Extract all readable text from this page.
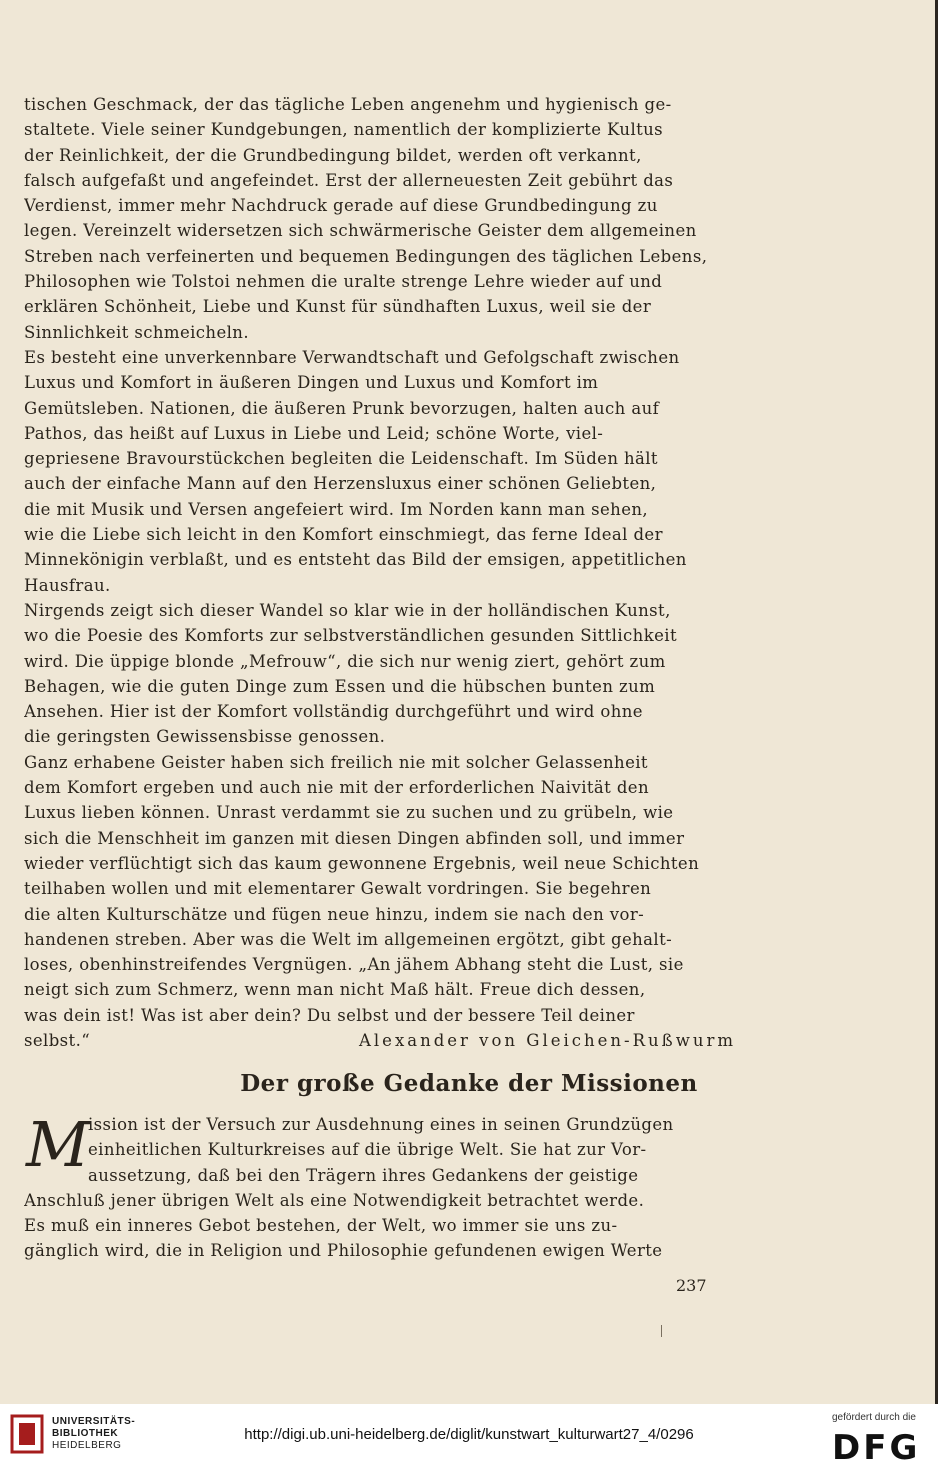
tischen Geschmack, der das tägliche Leben angenehm und hygienisch ge-
staltete. Viele seiner Kundgebungen, namentlich der komplizierte Kultus
der Reinlichkeit, der die Grundbedingung bildet, werden oft verkannt,
falsch aufgefaßt und angefeindet. Erst der allerneuesten Zeit gebührt das
Verdienst, immer mehr Nachdruck gerade auf diese Grundbedingung zu
legen. Vereinzelt widersetzen sich schwärmerische Geister dem allgemeinen
Streben nach verfeinerten und bequemen Bedingungen des täglichen Lebens,
Philosophen wie Tolstoi nehmen die uralte strenge Lehre wieder auf und
erklären Schönheit, Liebe und Kunst für sündhaften Luxus, weil sie der
Sinnlichkeit schmeicheln.
Es besteht eine unverkennbare Verwandtschaft und Gefolgschaft zwischen
Luxus und Komfort in äußeren Dingen und Luxus und Komfort im
Gemütsleben. Nationen, die äußeren Prunk bevorzugen, halten auch auf
Pathos, das heißt auf Luxus in Liebe und Leid; schöne Worte, viel-
gepriesene Bravourstückchen begleiten die Leidenschaft. Im Süden hält
auch der einfache Mann auf den Herzensluxus einer schönen Geliebten,
die mit Musik und Versen angefeiert wird. Im Norden kann man sehen,
wie die Liebe sich leicht in den Komfort einschmiegt, das ferne Ideal der
Minnekönigin verblaßt, und es entsteht das Bild der emsigen, appetitlichen
Hausfrau.
Nirgends zeigt sich dieser Wandel so klar wie in der holländischen Kunst,
wo die Poesie des Komforts zur selbstverständlichen gesunden Sittlichkeit
wird. Die üppige blonde „Mefrouw“, die sich nur wenig ziert, gehört zum
Behagen, wie die guten Dinge zum Essen und die hübschen bunten zum
Ansehen. Hier ist der Komfort vollständig durchgeführt und wird ohne
die geringsten Gewissensbisse genossen.
Ganz erhabene Geister haben sich freilich nie mit solcher Gelassenheit
dem Komfort ergeben und auch nie mit der erforderlichen Naivität den
Luxus lieben können. Unrast verdammt sie zu suchen und zu grübeln, wie
sich die Menschheit im ganzen mit diesen Dingen abfinden soll, und immer
wieder verflüchtigt sich das kaum gewonnene Ergebnis, weil neue Schichten
teilhaben wollen und mit elementarer Gewalt vordringen. Sie begehren
die alten Kulturschätze und fügen neue hinzu, indem sie nach den vor-
handenen streben. Aber was die Welt im allgemeinen ergötzt, gibt gehalt-
loses, obenhinstreifendes Vergnügen. „An jähem Abhang steht die Lust, sie
neigt sich zum Schmerz, wenn man nicht Maß hält. Freue dich dessen,
was dein ist! Was ist aber dein? Du selbst und der bessere Teil deiner
selbst.“	Alexander von Gleichen-Rußwurm
Der große Gedanke der Missionen
M
ission ist der Versuch zur Ausdehnung eines in seinen Grundzügen
einheitlichen Kulturkreises auf die übrige Welt. Sie hat zur Vor-
aussetzung, daß bei den Trägern ihres Gedankens der geistige
Anschluß jener übrigen Welt als eine Notwendigkeit betrachtet werde.
Es muß ein inneres Gebot bestehen, der Welt, wo immer sie uns zu-
gänglich wird, die in Religion und Philosophie gefundenen ewigen Werte
237
UNIVERSITÄTS-
BIBLIOTHEK
HEIDELBERG
http://digi.ub.uni-heidelberg.de/diglit/kunstwart_kulturwart27_4/0296
gefördert durch die
DFG
